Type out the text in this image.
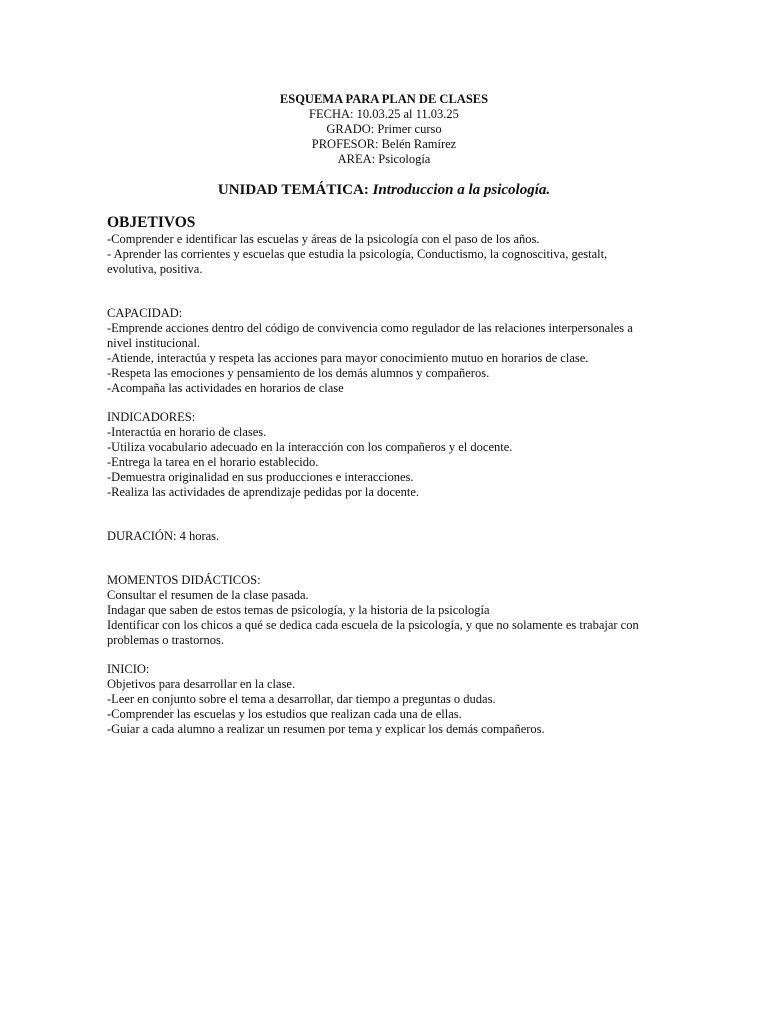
ESQUEMA PARA PLAN DE CLASES
FECHA: 10.03.25 al 11.03.25
GRADO: Primer curso
PROFESOR: Belén Ramírez
AREA: Psicología
UNIDAD TEMÁTICA: Introduccion a la psicología.
OBJETIVOS
-Comprender e identificar las escuelas y áreas de la psicología con el paso de los años.
- Aprender las corrientes y escuelas que estudia la psicología, Conductismo, la cognoscitiva, gestalt,
evolutiva, positiva.
CAPACIDAD:
-Emprende acciones dentro del código de convivencia como regulador de las relaciones interpersonales a
nivel institucional.
-Atiende, interactúa y respeta las acciones para mayor conocimiento mutuo en horarios de clase.
-Respeta las emociones y pensamiento de los demás alumnos y compañeros.
-Acompaña las actividades en horarios de clase
INDICADORES:
-Interactúa en horario de clases.
-Utiliza vocabulario adecuado en la interacción con los compañeros y el docente.
-Entrega la tarea en el horario establecido.
-Demuestra originalidad en sus producciones e interacciones.
-Realiza las actividades de aprendizaje pedidas por la docente.
DURACIÓN: 4 horas.
MOMENTOS DIDÁCTICOS:
Consultar el resumen de la clase pasada.
Indagar que saben de estos temas de psicología, y la historia de la psicología
Identificar con los chicos a qué se dedica cada escuela de la psicología, y que no solamente es trabajar con
problemas o trastornos.
INICIO:
Objetivos para desarrollar en la clase.
-Leer en conjunto sobre el tema a desarrollar, dar tiempo a preguntas o dudas.
-Comprender las escuelas y los estudios que realizan cada una de ellas.
-Guiar a cada alumno a realizar un resumen por tema y explicar los demás compañeros.
